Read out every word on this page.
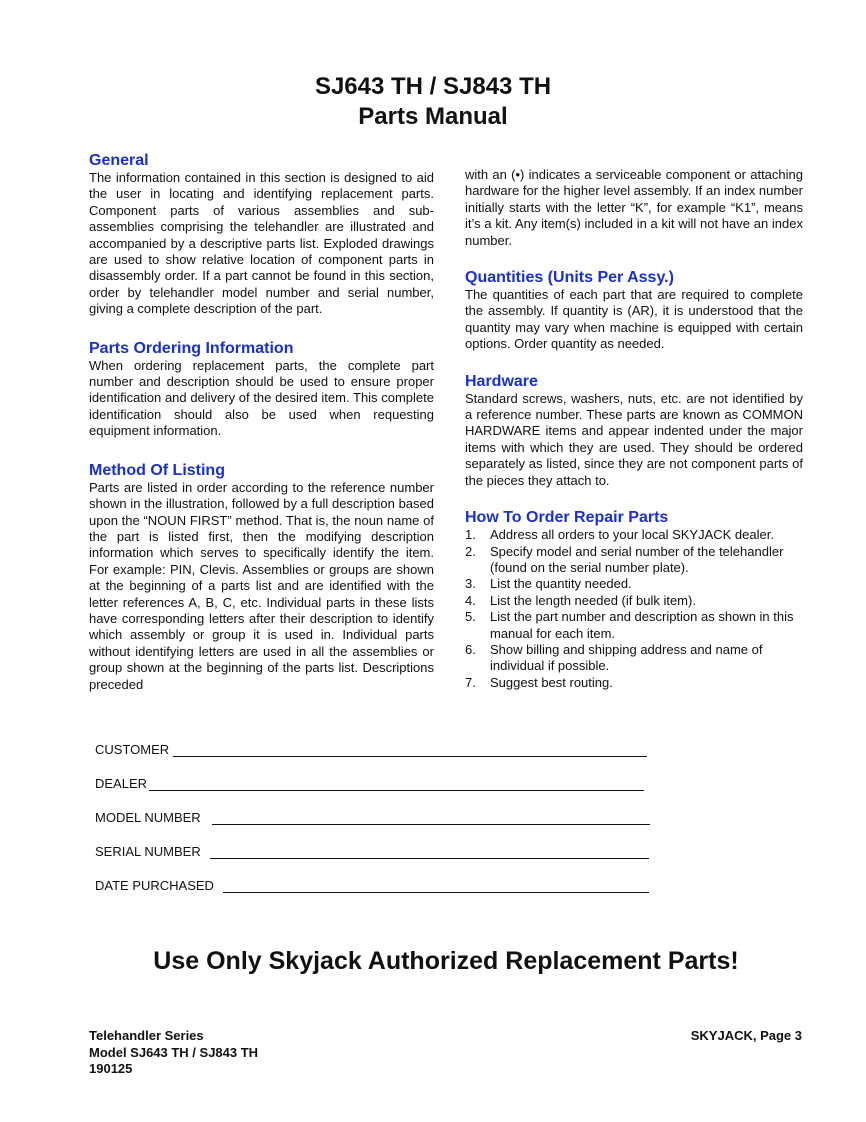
SJ643 TH / SJ843 TH
Parts Manual
General

The information contained in this section is designed to aid the user in locating and identifying replacement parts. Component parts of various assemblies and sub-assemblies comprising the telehandler are illustrated and accompanied by a descriptive parts list. Exploded drawings are used to show relative location of component parts in disassembly order. If a part cannot be found in this section, order by telehandler model number and serial number, giving a complete description of the part.

Parts Ordering Information

When ordering replacement parts, the complete part number and description should be used to ensure proper identification and delivery of the desired item. This complete identification should also be used when requesting equipment information.

Method Of Listing

Parts are listed in order according to the reference number shown in the illustration, followed by a full description based upon the “NOUN FIRST” method. That is, the noun name of the part is listed first, then the modifying description information which serves to specifically identify the item. For example: PIN, Clevis. Assemblies or groups are shown at the beginning of a parts list and are identified with the letter references A, B, C, etc. Individual parts in these lists have corresponding letters after their description to identify which assembly or group it is used in. Individual parts without identifying letters are used in all the assemblies or group shown at the beginning of the parts list. Descriptions preceded

with an (•) indicates a serviceable component or attaching hardware for the higher level assembly. If an index number initially starts with the letter “K”, for example “K1”, means it’s a kit. Any item(s) included in a kit will not have an index number.

Quantities (Units Per Assy.)

The quantities of each part that are required to complete the assembly. If quantity is (AR), it is understood that the quantity may vary when machine is equipped with certain options. Order quantity as needed.

Hardware

Standard screws, washers, nuts, etc. are not identified by a reference number. These parts are known as COMMON HARDWARE items and appear indented under the major items with which they are used. They should be ordered separately as listed, since they are not component parts of the pieces they attach to.

How To Order Repair Parts
1.	Address all orders to your local SKYJACK dealer.
2.	Specify model and serial number of the telehandler (found on the serial number plate).
3.	List the quantity needed.
4.	List the length needed (if bulk item).
5.	List the part number and description as shown in this manual for each item.
6.	Show billing and shipping address and name of individual if possible.
7.	Suggest best routing.
CUSTOMER
DEALER
MODEL NUMBER
SERIAL NUMBER
DATE PURCHASED
Use Only Skyjack Authorized Replacement Parts!
Telehandler Series
Model SJ643 TH / SJ843 TH
190125
SKYJACK, Page 3
